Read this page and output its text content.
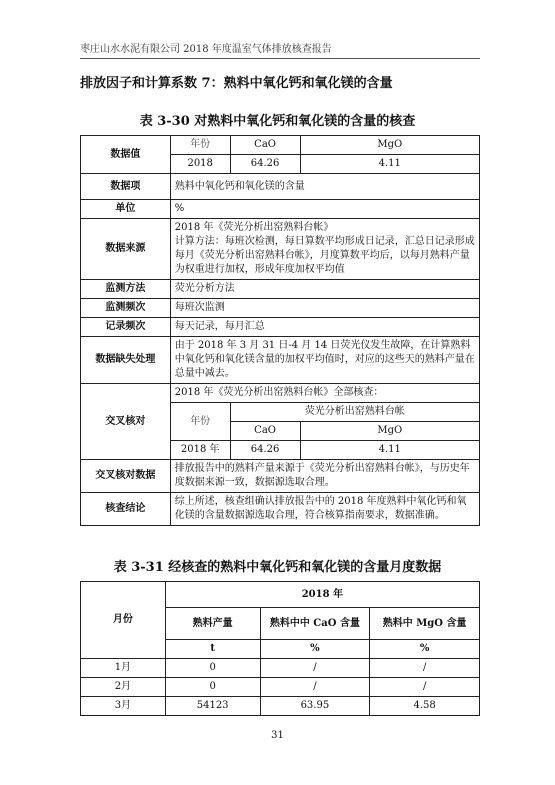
枣庄山水水泥有限公司 2018 年度温室气体排放核查报告
排放因子和计算系数 7：熟料中氧化钙和氧化镁的含量
表 3-30 对熟料中氧化钙和氧化镁的含量的核查
数据值	年份	CaO	MgO
	2018	64.26	4.11
数据项	熟料中氧化钙和氧化镁的含量		
单位	%		
数据来源	2018 年《荧光分析出窑熟料台帐》
计算方法：每班次检测，每日算数平均形成日记录，汇总日记录形成每月《荧光分析出窑熟料台帐》，月度算数平均后，以每月熟料产量为权重进行加权，形成年度加权平均值		

监测方法	荧光分析方法		
监测频次	每班次监测		
记录频次	每天记录，每月汇总		
数据缺失处理	由于 2018 年 3 月 31 日-4 月 14 日荧光仪发生故障，在计算熟料中氧化钙和氧化镁含量的加权平均值时，对应的这些天的熟料产量在总量中减去。		
交叉核对	2018 年《荧光分析出窑熟料台帐》全部核查：		
	年份	荧光分析出窑熟料台帐	
		CaO	MgO
	2018 年	64.26	4.11
交叉核对数据	排放报告中的熟料产量来源于《荧光分析出窑熟料台帐》，与历史年度数据来源一致，数据源选取合理。		
核查结论	综上所述，核查组确认排放报告中的 2018 年度熟料中氧化钙和氧化镁的含量数据源选取合理，符合核算指南要求，数据准确。		
表 3-31 经核查的熟料中氧化钙和氧化镁的含量月度数据
月份	2018 年		
	熟料产量	熟料中中 CaO 含量	熟料中 MgO 含量
	t	%	%
1月	0	/	/
2月	0	/	/
3月	54123	63.95	4.58
31
